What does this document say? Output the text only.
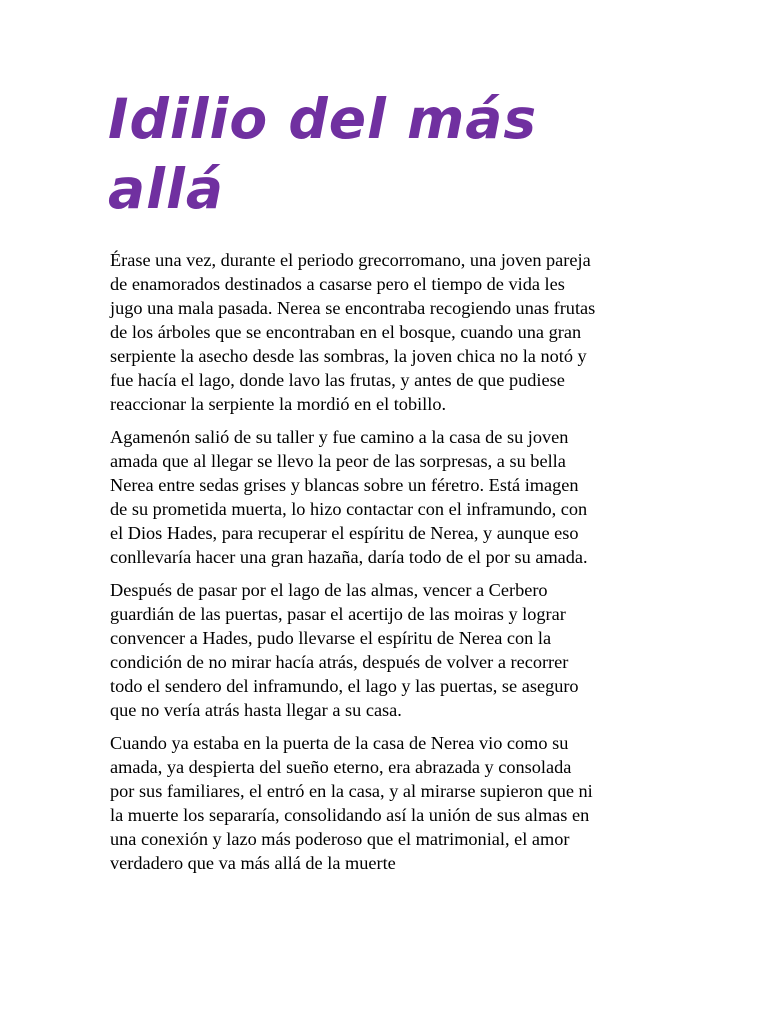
Idilio del más allá

Érase una vez, durante el periodo grecorromano, una joven pareja
de enamorados destinados a casarse pero el tiempo de vida les
jugo una mala pasada. Nerea se encontraba recogiendo unas frutas
de los árboles que se encontraban en el bosque, cuando una gran
serpiente la asecho desde las sombras, la joven chica no la notó y
fue hacía el lago, donde lavo las frutas, y antes de que pudiese
reaccionar la serpiente la mordió en el tobillo.

Agamenón salió de su taller y fue camino a la casa de su joven
amada que al llegar se llevo la peor de las sorpresas, a su bella
Nerea entre sedas grises y blancas sobre un féretro. Está imagen
de su prometida muerta, lo hizo contactar con el inframundo, con
el Dios Hades, para recuperar el espíritu de Nerea, y aunque eso
conllevaría hacer una gran hazaña, daría todo de el por su amada.

Después de pasar por el lago de las almas, vencer a Cerbero
guardián de las puertas, pasar el acertijo de las moiras y lograr
convencer a Hades, pudo llevarse el espíritu de Nerea con la
condición de no mirar hacía atrás, después de volver a recorrer
todo el sendero del inframundo, el lago y las puertas, se aseguro
que no vería atrás hasta llegar a su casa.

Cuando ya estaba en la puerta de la casa de Nerea vio como su
amada, ya despierta del sueño eterno, era abrazada y consolada
por sus familiares, el entró en la casa, y al mirarse supieron que ni
la muerte los separaría, consolidando así la unión de sus almas en
una conexión y lazo más poderoso que el matrimonial, el amor
verdadero que va más allá de la muerte
